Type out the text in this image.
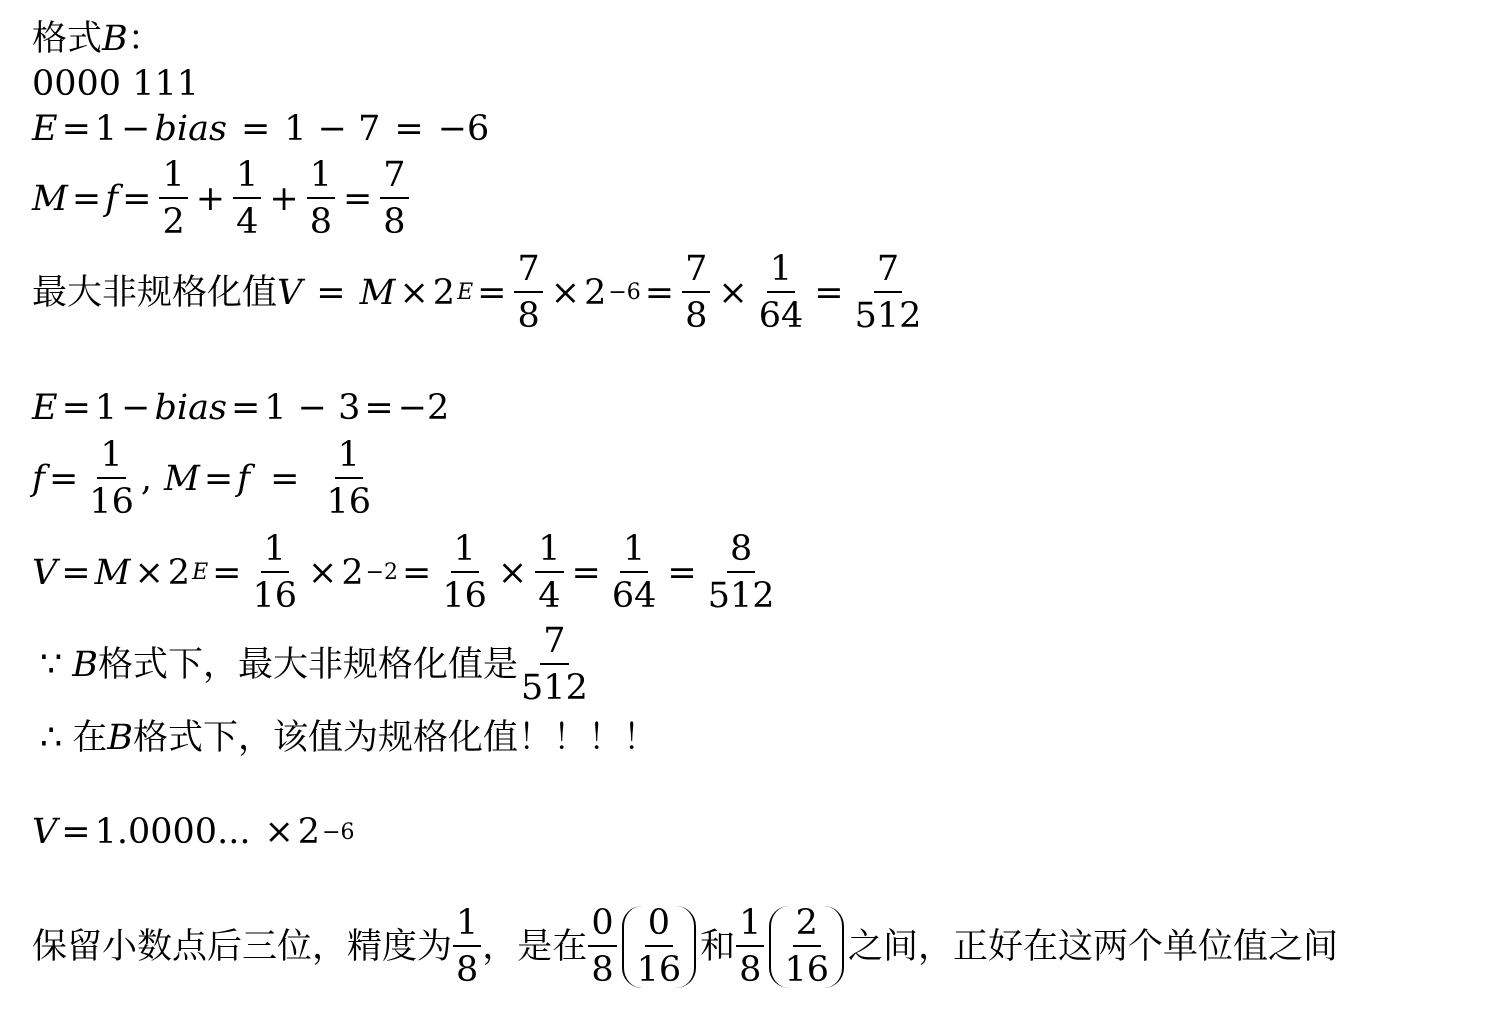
格式 B ：
0000 111
E = 1 − bias = 1 − 7 = −6
$M = f = \frac{1}{2} + \frac{1}{4} + \frac{1}{8} = \frac{7}{8}$
最大非规格化值 V = M × 2 $E = \frac{7}{8} \times 2 -6 = \frac{7}{8} \times \frac{1}{64} = \frac{7}{512}$
E = 1 − bias = 1 − 3 = −2
$f = \frac{1}{16}$ , $M = f = \frac{1}{16}$
V = M × 2 $E = \frac{1}{16} \times 2 -2 = \frac{1}{16} \times \frac{1}{4} = \frac{1}{64} = \frac{8}{512}$
∵ B 格式下，最大非规格化值是 $\frac{7}{512}$
∴ 在 B 格式下，该值为规格化值！！！！
V = 1.0000... × 2 −6
保留小数点后三位，精度为 $\frac{1}{8}$ ，是在 $\frac{0}{8} \frac{0}{16}$ 和 $\frac{1}{8} \frac{2}{16}$ 之间，正好在这两个单位值之间
